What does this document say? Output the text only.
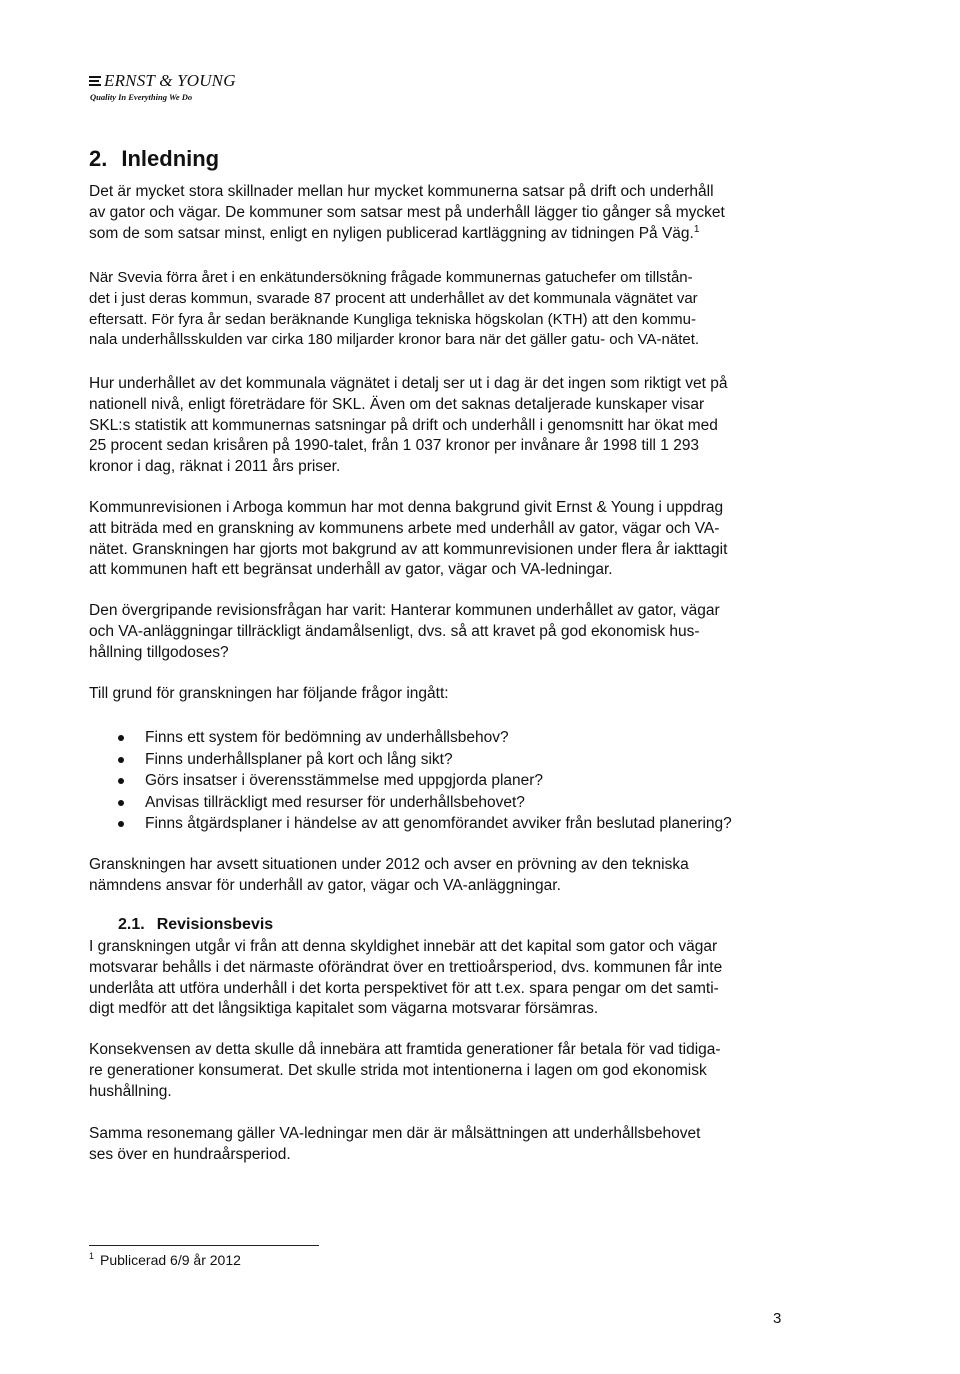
ERNST & YOUNG
Quality In Everything We Do
2. Inledning
Det är mycket stora skillnader mellan hur mycket kommunerna satsar på drift och underhåll
av gator och vägar. De kommuner som satsar mest på underhåll lägger tio gånger så mycket
som de som satsar minst, enligt en nyligen publicerad kartläggning av tidningen På Väg.$^1$
När Svevia förra året i en enkätundersökning frågade kommunernas gatuchefer om tillstån-
det i just deras kommun, svarade 87 procent att underhållet av det kommunala vägnätet var
eftersatt. För fyra år sedan beräknande Kungliga tekniska högskolan (KTH) att den kommu-
nala underhållsskulden var cirka 180 miljarder kronor bara när det gäller gatu- och VA-nätet.
Hur underhållet av det kommunala vägnätet i detalj ser ut i dag är det ingen som riktigt vet på
nationell nivå, enligt företrädare för SKL. Även om det saknas detaljerade kunskaper visar
SKL:s statistik att kommunernas satsningar på drift och underhåll i genomsnitt har ökat med
25 procent sedan krisåren på 1990-talet, från 1 037 kronor per invånare år 1998 till 1 293
kronor i dag, räknat i 2011 års priser.
Kommunrevisionen i Arboga kommun har mot denna bakgrund givit Ernst & Young i uppdrag
att biträda med en granskning av kommunens arbete med underhåll av gator, vägar och VA-
nätet. Granskningen har gjorts mot bakgrund av att kommunrevisionen under flera år iakttagit
att kommunen haft ett begränsat underhåll av gator, vägar och VA-ledningar.
Den övergripande revisionsfrågan har varit: Hanterar kommunen underhållet av gator, vägar
och VA-anläggningar tillräckligt ändamålsenligt, dvs. så att kravet på god ekonomisk hus-
hållning tillgodoses?
Till grund för granskningen har följande frågor ingått:
Finns ett system för bedömning av underhållsbehov?
Finns underhållsplaner på kort och lång sikt?
Görs insatser i överensstämmelse med uppgjorda planer?
Anvisas tillräckligt med resurser för underhållsbehovet?
Finns åtgärdsplaner i händelse av att genomförandet avviker från beslutad planering?
Granskningen har avsett situationen under 2012 och avser en prövning av den tekniska
nämndens ansvar för underhåll av gator, vägar och VA-anläggningar.
2.1. Revisionsbevis
I granskningen utgår vi från att denna skyldighet innebär att det kapital som gator och vägar
motsvarar behålls i det närmaste oförändrat över en trettioårsperiod, dvs. kommunen får inte
underlåta att utföra underhåll i det korta perspektivet för att t.ex. spara pengar om det samti-
digt medför att det långsiktiga kapitalet som vägarna motsvarar försämras.
Konsekvensen av detta skulle då innebära att framtida generationer får betala för vad tidiga-
re generationer konsumerat. Det skulle strida mot intentionerna i lagen om god ekonomisk
hushållning.
Samma resonemang gäller VA-ledningar men där är målsättningen att underhållsbehovet
ses över en hundraårsperiod.
$^1$ Publicerad 6/9 år 2012
3
